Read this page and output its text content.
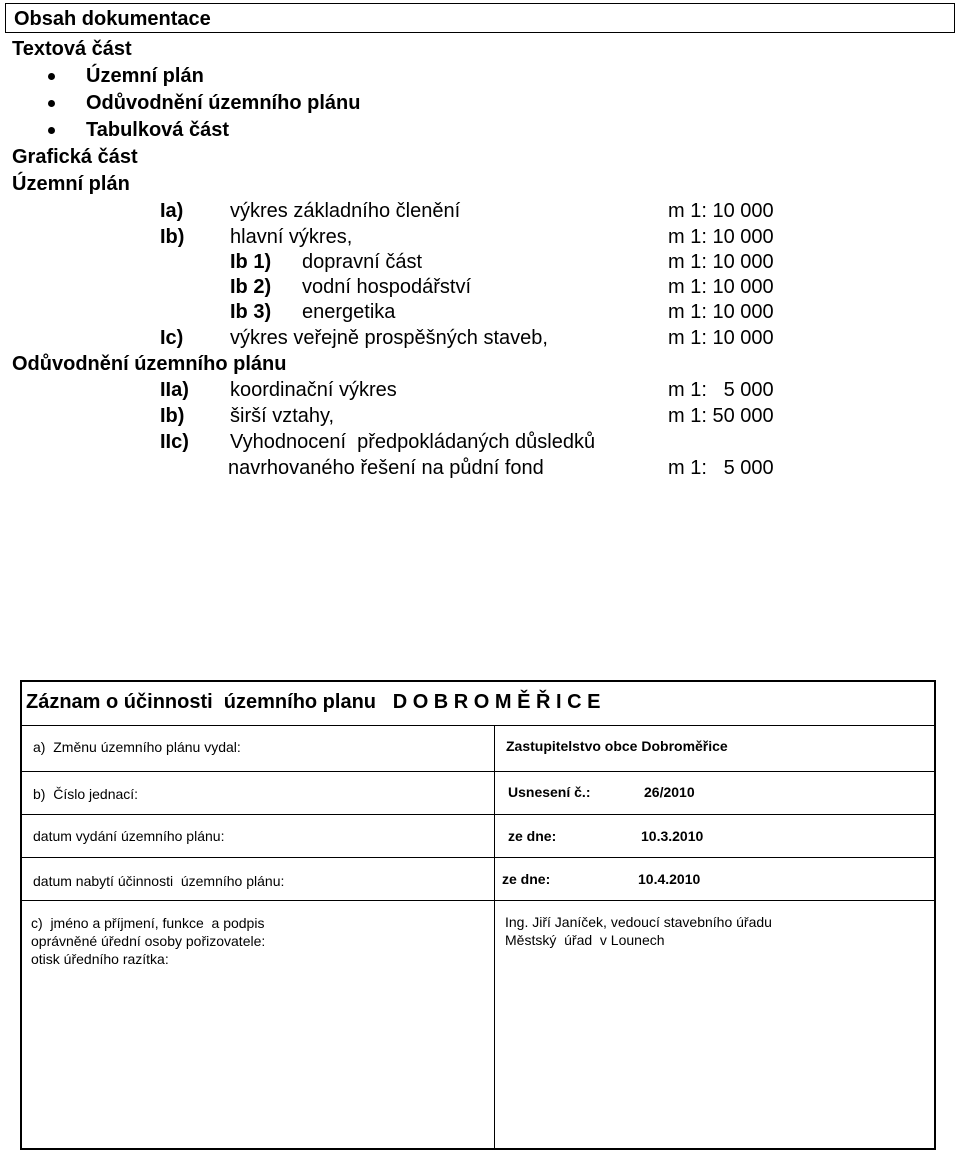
Obsah dokumentace
Textová část
Územní plán
Odůvodnění územního plánu
Tabulková část
Grafická část
Územní plán
Ia) výkres základního členění	m 1: 10 000
Ib) hlavní výkres,	m 1: 10 000
Ib 1) dopravní část	m 1: 10 000
Ib 2) vodní hospodářství	m 1: 10 000
Ib 3) energetika	m 1: 10 000
Ic) výkres veřejně prospěšných staveb,	m 1: 10 000
Odůvodnění územního plánu
IIa) koordinační výkres	m 1:   5 000
Ib) širší vztahy,	m 1: 50 000
IIc) Vyhodnocení  předpokládaných důsledků
navrhovaného řešení na půdní fond	m 1:   5 000
Záznam o účinnosti  územního planu D O B R O M Ě Ř I C E
a)  Změnu územního plánu vydal:	Zastupitelstvo obce Dobroměřice
b)  Číslo jednací:	Usnesení č.:	26/2010
datum vydání územního plánu:	ze dne:	10.3.2010
datum nabytí účinnosti  územního plánu:	ze dne:	10.4.2010
c)  jméno a příjmení, funkce  a podpis
oprávněné úřední osoby pořizovatele:
otisk úředního razítka:
Ing. Jiří Janíček, vedoucí stavebního úřadu
Městský  úřad  v Lounech
